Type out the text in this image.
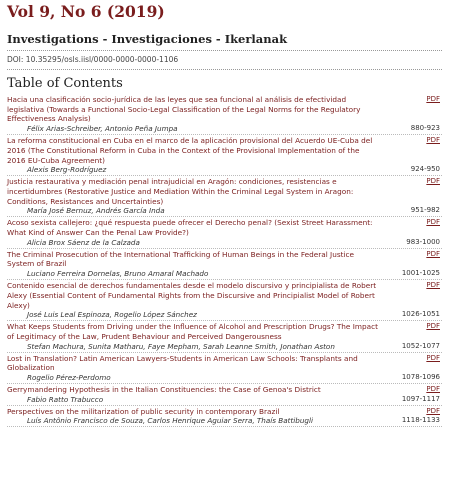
Vol 9, No 6 (2019)
Investigations - Investigaciones - Ikerlanak
DOI: 10.35295/osls.iisl/0000-0000-0000-1106
Table of Contents
Hacia una clasificación socio-jurídica de las leyes que sea funcional al análisis de efectividad legislativa (Towards a Functional Socio-Legal Classification of the Legal Norms for the Regulatory Effectiveness Analysis)
PDF
Félix Arias-Schreiber, Antonio Peña Jumpa	880-923
La reforma constitucional en Cuba en el marco de la aplicación provisional del Acuerdo UE-Cuba del 2016 (The Constitutional Reform in Cuba in the Context of the Provisional Implementation of the 2016 EU-Cuba Agreement)
PDF
Alexis Berg-Rodríguez	924-950
Justicia restaurativa y mediación penal intrajudicial en Aragón: condiciones, resistencias e incertidumbres (Restorative Justice and Mediation Within the Criminal Legal System in Aragon: Conditions, Resistances and Uncertainties)
PDF
María José Bernuz, Andrés García Inda	951-982
Acoso sexista callejero: ¿qué respuesta puede ofrecer el Derecho penal? (Sexist Street Harassment: What Kind of Answer Can the Penal Law Provide?)
PDF
Alicia Brox Sáenz de la Calzada	983-1000
The Criminal Prosecution of the International Trafficking of Human Beings in the Federal Justice System of Brazil
PDF
Luciano Ferreira Dornelas, Bruno Amaral Machado	1001-1025
Contenido esencial de derechos fundamentales desde el modelo discursivo y principialista de Robert Alexy (Essential Content of Fundamental Rights from the Discursive and Principialist Model of Robert Alexy)
PDF
José Luis Leal Espinoza, Rogelio López Sánchez	1026-1051
What Keeps Students from Driving under the Influence of Alcohol and Prescription Drugs? The Impact of Legitimacy of the Law, Prudent Behaviour and Perceived Dangerousness
PDF
Stefan Machura, Sunita Matharu, Faye Mepham, Sarah Leanne Smith, Jonathan Aston	1052-1077
Lost in Translation? Latin American Lawyers-Students in American Law Schools: Transplants and Globalization
PDF
Rogelio Pérez-Perdomo	1078-1096
Gerrymandering Hypothesis in the Italian Constituencies: the Case of Genoa's District	PDF
Fabio Ratto Trabucco	1097-1117
Perspectives on the militarization of public security in contemporary Brazil	PDF
Luís Antônio Francisco de Souza, Carlos Henrique Aguiar Serra, Thaís Battibugli	1118-1133
